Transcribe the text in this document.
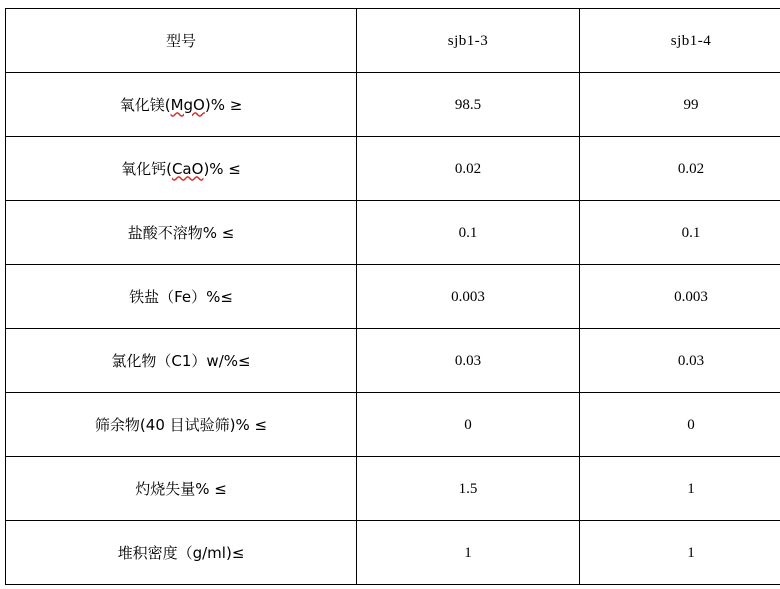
型号	sjb1-3	sjb1-4
氧化镁(MgO)% ≥	98.5	99
氧化钙(CaO)% ≤	0.02	0.02
盐酸不溶物% ≤	0.1	0.1
铁盐（Fe）%≤	0.003	0.003
氯化物（C1）w/%≤	0.03	0.03
筛余物(40 目试验筛)% ≤	0	0
灼烧失量% ≤	1.5	1
堆积密度（g/ml)≤	1	1
